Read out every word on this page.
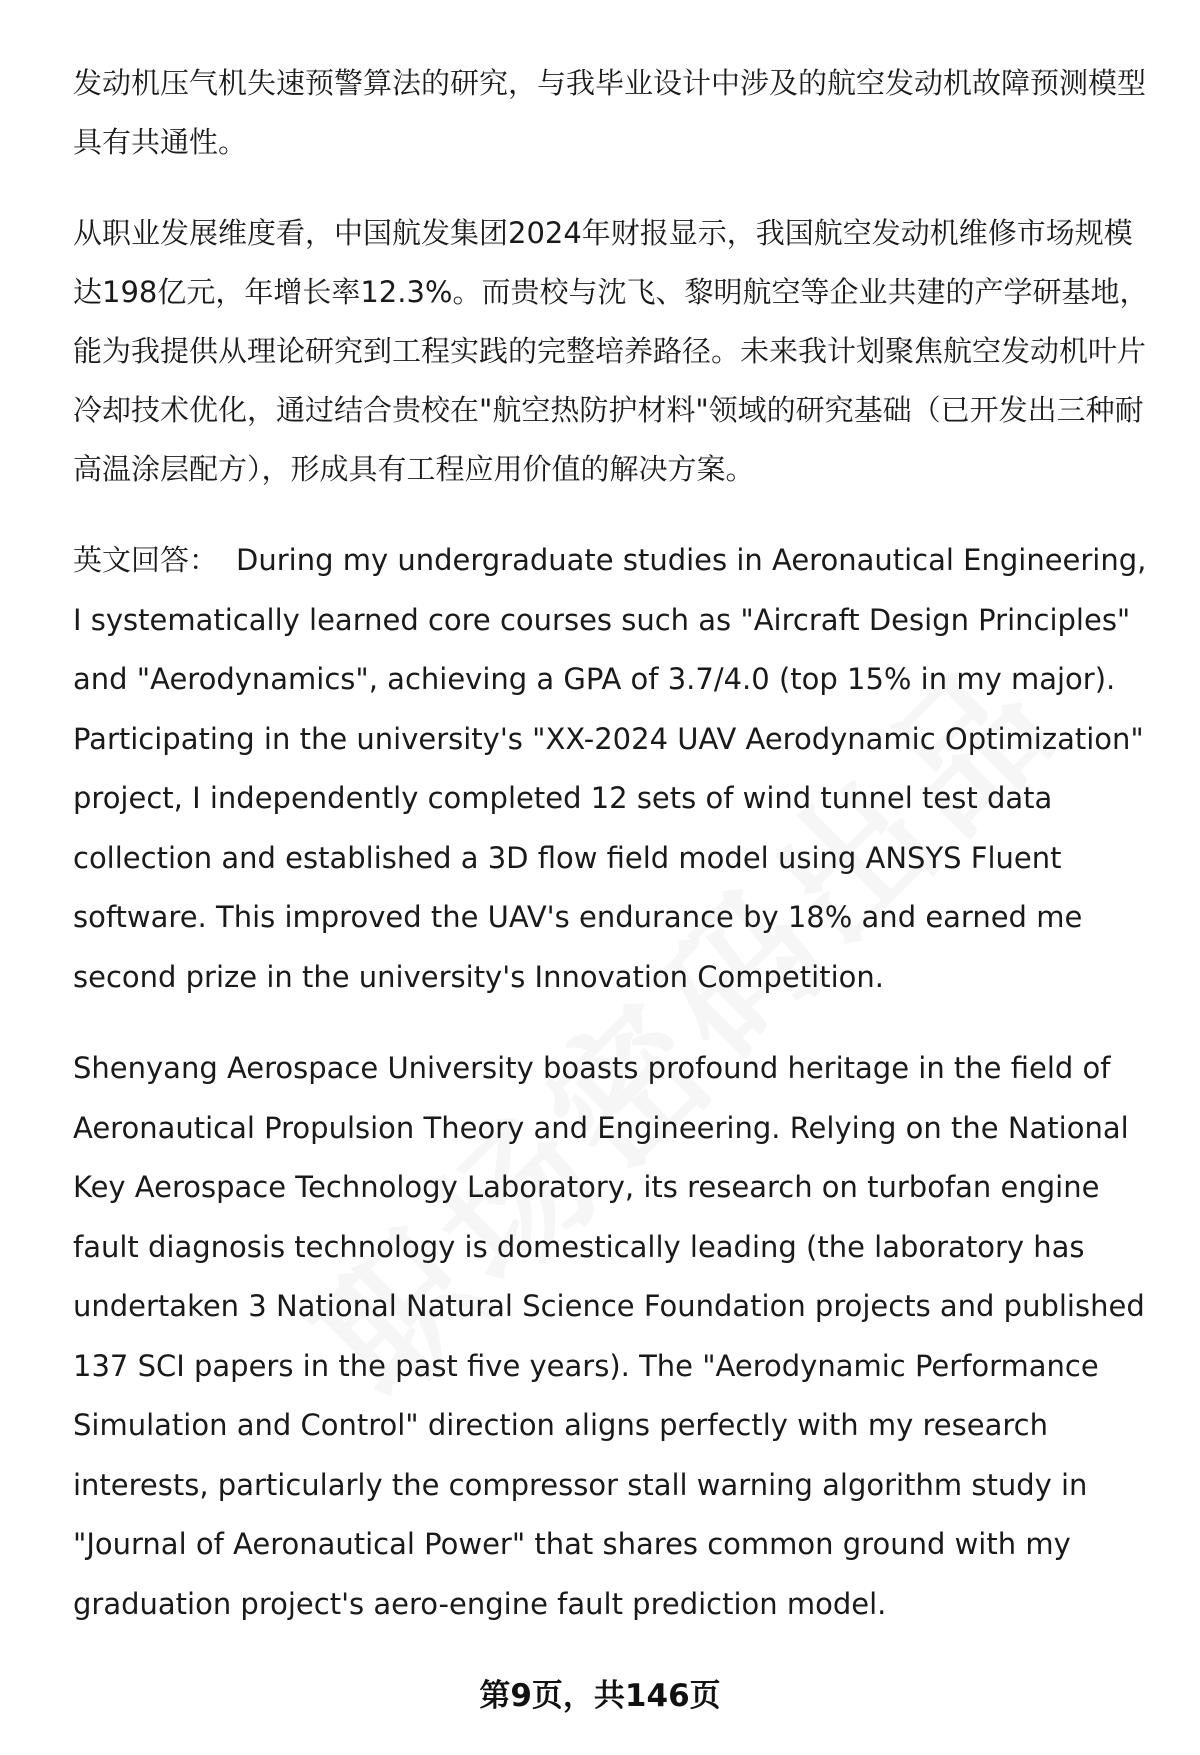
发动机压气机失速预警算法的研究，与我毕业设计中涉及的航空发动机故障预测模型具有共通性。

从职业发展维度看，中国航发集团2024年财报显示，我国航空发动机维修市场规模达198亿元，年增长率12.3%。而贵校与沈飞、黎明航空等企业共建的产学研基地，能为我提供从理论研究到工程实践的完整培养路径。未来我计划聚焦航空发动机叶片冷却技术优化，通过结合贵校在"航空热防护材料"领域的研究基础（已开发出三种耐高温涂层配方），形成具有工程应用价值的解决方案。

英文回答： During my undergraduate studies in Aeronautical Engineering, I systematically learned core courses such as "Aircraft Design Principles" and "Aerodynamics", achieving a GPA of 3.7/4.0 (top 15% in my major). Participating in the university's "XX-2024 UAV Aerodynamic Optimization" project, I independently completed 12 sets of wind tunnel test data collection and established a 3D flow field model using ANSYS Fluent software. This improved the UAV's endurance by 18% and earned me second prize in the university's Innovation Competition.

Shenyang Aerospace University boasts profound heritage in the field of Aeronautical Propulsion Theory and Engineering. Relying on the National Key Aerospace Technology Laboratory, its research on turbofan engine fault diagnosis technology is domestically leading (the laboratory has undertaken 3 National Natural Science Foundation projects and published 137 SCI papers in the past five years). The "Aerodynamic Performance Simulation and Control" direction aligns perfectly with my research interests, particularly the compressor stall warning algorithm study in "Journal of Aeronautical Power" that shares common ground with my graduation project's aero-engine fault prediction model.

第9页，共146页
